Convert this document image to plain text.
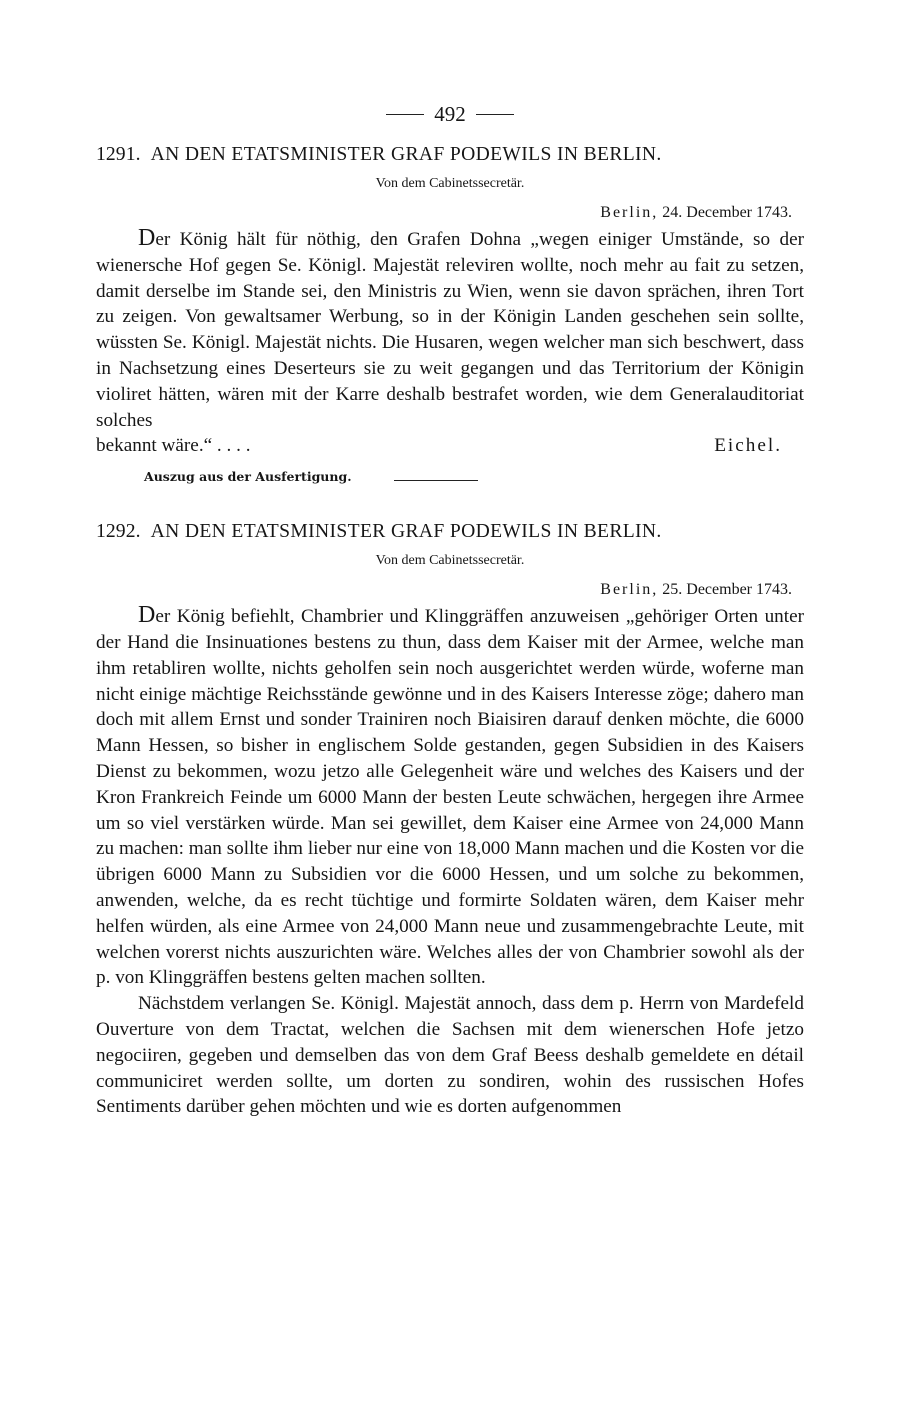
492
1291. AN DEN ETATSMINISTER GRAF PODEWILS IN BERLIN.
Von dem Cabinetssecretär.
Berlin, 24. December 1743.

Der König hält für nöthig, den Grafen Dohna „wegen einiger Umstände, so der wienersche Hof gegen Se. Königl. Majestät releviren wollte, noch mehr au fait zu setzen, damit derselbe im Stande sei, den Ministris zu Wien, wenn sie davon sprächen, ihren Tort zu zeigen. Von gewaltsamer Werbung, so in der Königin Landen geschehen sein sollte, wüssten Se. Königl. Majestät nichts. Die Husaren, wegen welcher man sich beschwert, dass in Nachsetzung eines Deserteurs sie zu weit gegangen und das Territorium der Königin violiret hätten, wären mit der Karre deshalb bestrafet worden, wie dem Generalauditoriat solches

bekannt wäre.“ . . . .	Eichel.
Auszug aus der Ausfertigung.
1292. AN DEN ETATSMINISTER GRAF PODEWILS IN BERLIN.
Von dem Cabinetssecretär.
Berlin, 25. December 1743.

Der König befiehlt, Chambrier und Klinggräffen anzuweisen „gehöriger Orten unter der Hand die Insinuationes bestens zu thun, dass dem Kaiser mit der Armee, welche man ihm retabliren wollte, nichts geholfen sein noch ausgerichtet werden würde, woferne man nicht einige mächtige Reichsstände gewönne und in des Kaisers Interesse zöge; dahero man doch mit allem Ernst und sonder Trainiren noch Biaisiren darauf denken möchte, die 6000 Mann Hessen, so bisher in englischem Solde gestanden, gegen Subsidien in des Kaisers Dienst zu bekommen, wozu jetzo alle Gelegenheit wäre und welches des Kaisers und der Kron Frankreich Feinde um 6000 Mann der besten Leute schwächen, hergegen ihre Armee um so viel verstärken würde. Man sei gewillet, dem Kaiser eine Armee von 24,000 Mann zu machen: man sollte ihm lieber nur eine von 18,000 Mann machen und die Kosten vor die übrigen 6000 Mann zu Subsidien vor die 6000 Hessen, und um solche zu bekommen, anwenden, welche, da es recht tüchtige und formirte Soldaten wären, dem Kaiser mehr helfen würden, als eine Armee von 24,000 Mann neue und zusammengebrachte Leute, mit welchen vorerst nichts auszurichten wäre. Welches alles der von Chambrier sowohl als der p. von Klinggräffen bestens gelten machen sollten.

Nächstdem verlangen Se. Königl. Majestät annoch, dass dem p. Herrn von Mardefeld Ouverture von dem Tractat, welchen die Sachsen mit dem wienerschen Hofe jetzo negociiren, gegeben und demselben das von dem Graf Beess deshalb gemeldete en détail communiciret werden sollte, um dorten zu sondiren, wohin des russischen Hofes Sentiments darüber gehen möchten und wie es dorten aufgenommen
